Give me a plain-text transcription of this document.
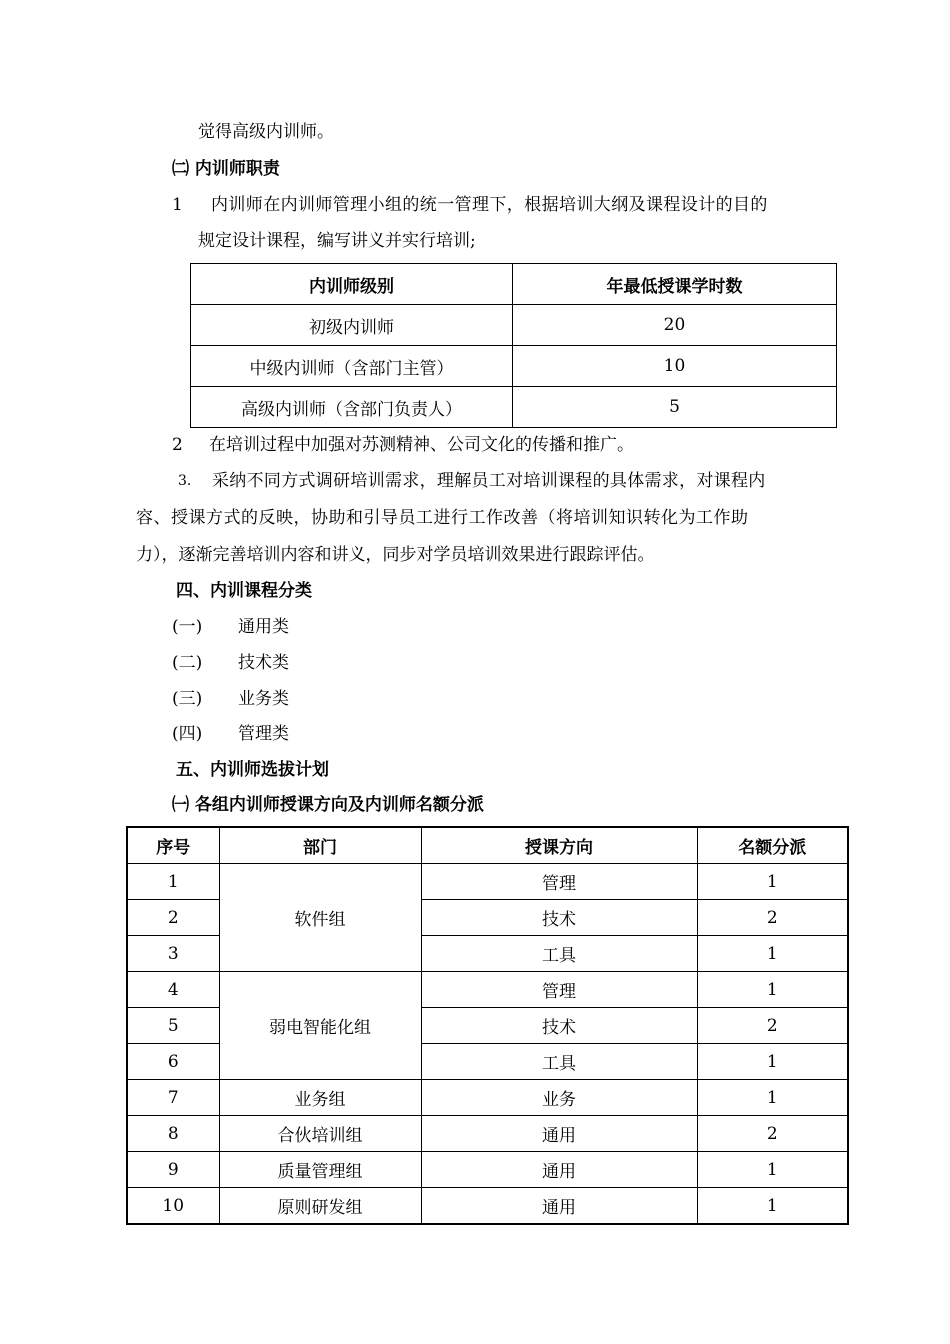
觉得高级内训师。
㈡ 内训师职责
1 内训师在内训师管理小组的统一管理下，根据培训大纲及课程设计的目的
规定设计课程，编写讲义并实行培训;
内训师级别	年最低授课学时数
初级内训师	20
中级内训师（含部门主管）	10
高级内训师（含部门负责人）	5
2 在培训过程中加强对苏测精神、公司文化的传播和推广。
3. 采纳不同方式调研培训需求，理解员工对培训课程的具体需求，对课程内
容、授课方式的反映，协助和引导员工进行工作改善（将培训知识转化为工作助
力），逐渐完善培训内容和讲义，同步对学员培训效果进行跟踪评估。
四、内训课程分类
(一) 通用类
(二) 技术类
(三) 业务类
(四) 管理类
五、内训师选拔计划
㈠ 各组内训师授课方向及内训师名额分派
序号	部门	授课方向	名额分派
1	软件组	管理	1
2		技术	2
3		工具	1
4	弱电智能化组	管理	1
5		技术	2
6		工具	1
7	业务组	业务	1
8	合伙培训组	通用	2
9	质量管理组	通用	1
10	原则研发组	通用	1
